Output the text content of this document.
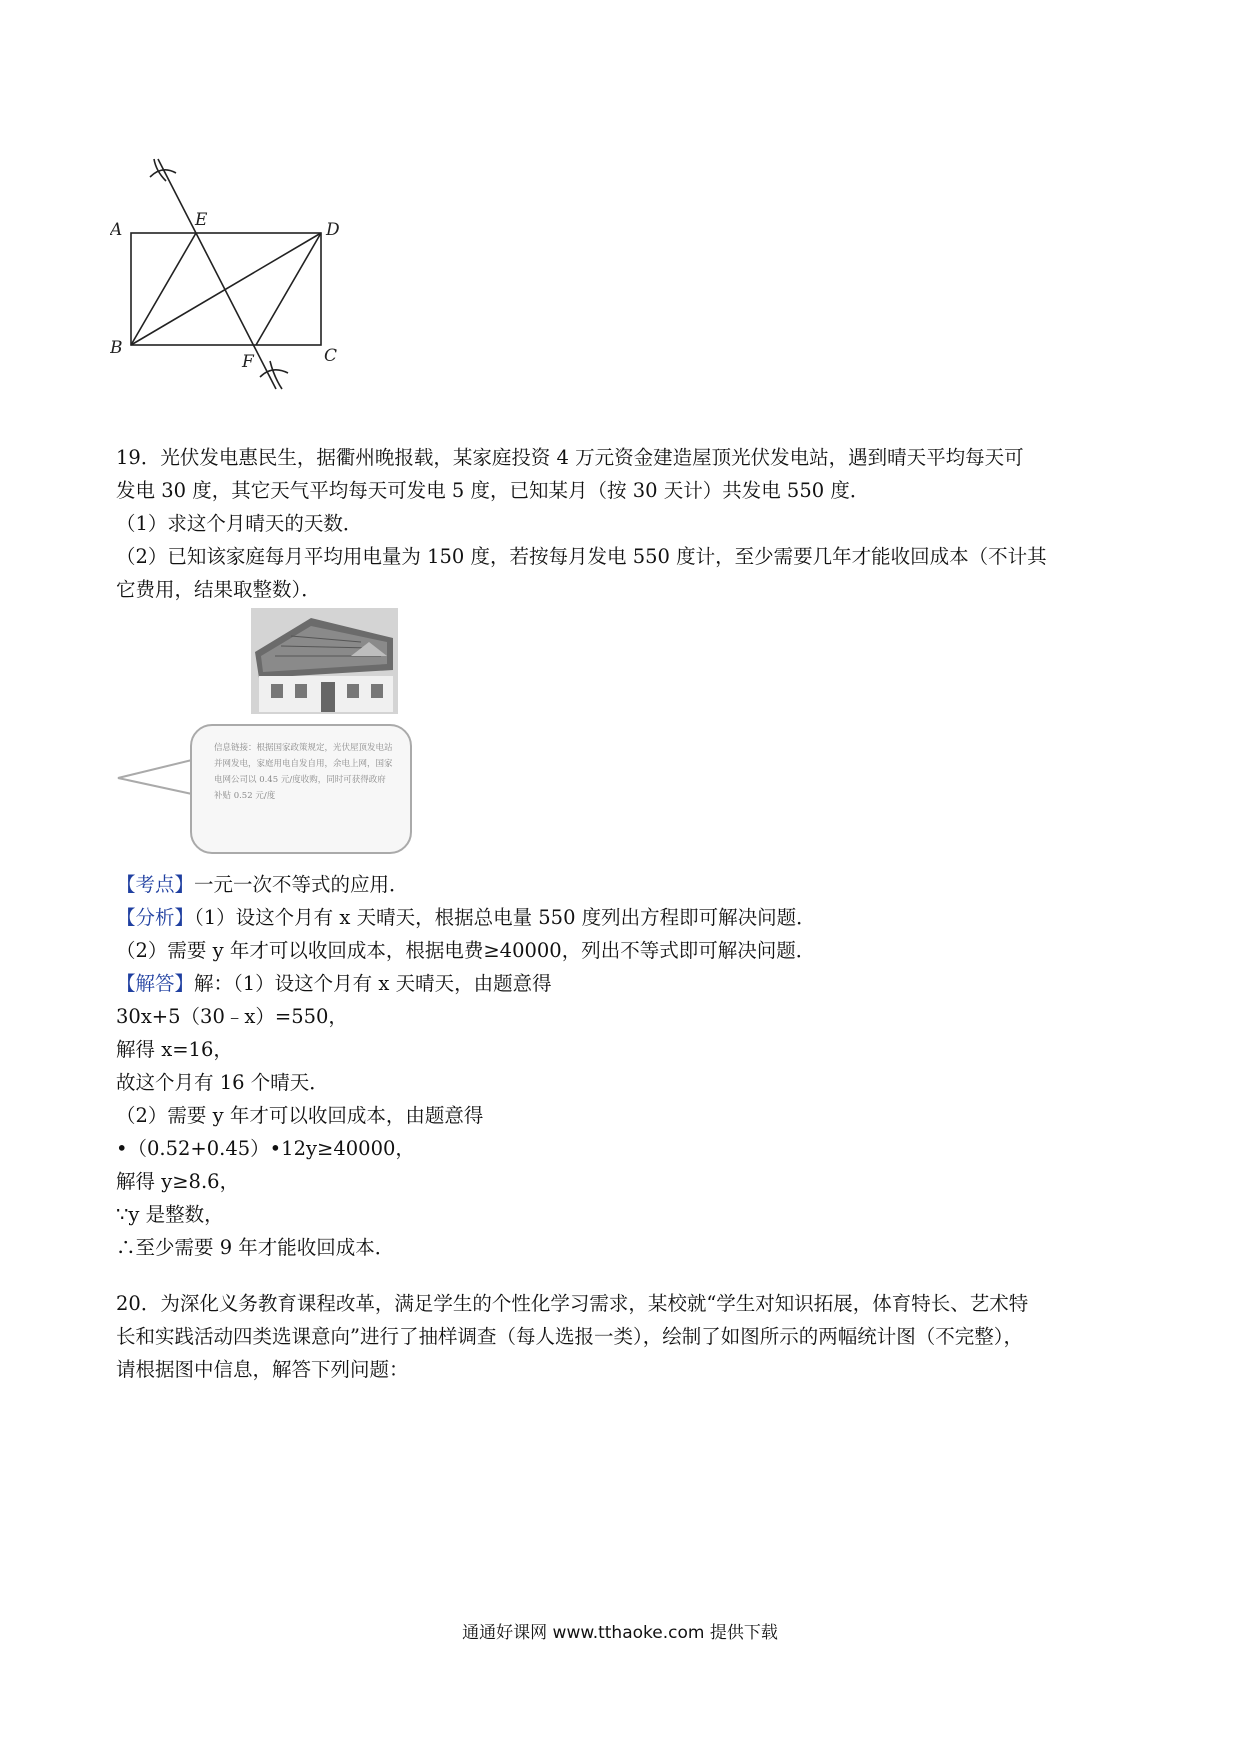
A	E	D
B
F	C
19．光伏发电惠民生，据衢州晚报载，某家庭投资 4 万元资金建造屋顶光伏发电站，遇到晴天平均每天可
发电 30 度，其它天气平均每天可发电 5 度，已知某月（按 30 天计）共发电 550 度．
（1）求这个月晴天的天数．
（2）已知该家庭每月平均用电量为 150 度，若按每月发电 550 度计，至少需要几年才能收回成本（不计其
它费用，结果取整数）．
信息链接：根据国家政策规定，光伏屋顶发电站并网发电，家庭用电自发自用，余电上网，国家电网公司以 0.45 元/度收购，同时可获得政府补贴 0.52 元/度
【考点】一元一次不等式的应用．
【分析】（1）设这个月有 x 天晴天，根据总电量 550 度列出方程即可解决问题．
（2）需要 y 年才可以收回成本，根据电费≥40000，列出不等式即可解决问题．
【解答】解：（1）设这个月有 x 天晴天，由题意得
30x+5（30﹣x）=550，
解得 x=16，
故这个月有 16 个晴天．
（2）需要 y 年才可以收回成本，由题意得
•（0.52+0.45）•12y≥40000，
解得 y≥8.6，
∵y 是整数，
∴至少需要 9 年才能收回成本．
20．为深化义务教育课程改革，满足学生的个性化学习需求，某校就“学生对知识拓展，体育特长、艺术特
长和实践活动四类选课意向”进行了抽样调查（每人选报一类），绘制了如图所示的两幅统计图（不完整），
请根据图中信息，解答下列问题：
通通好课网 www.tthaoke.com 提供下载
